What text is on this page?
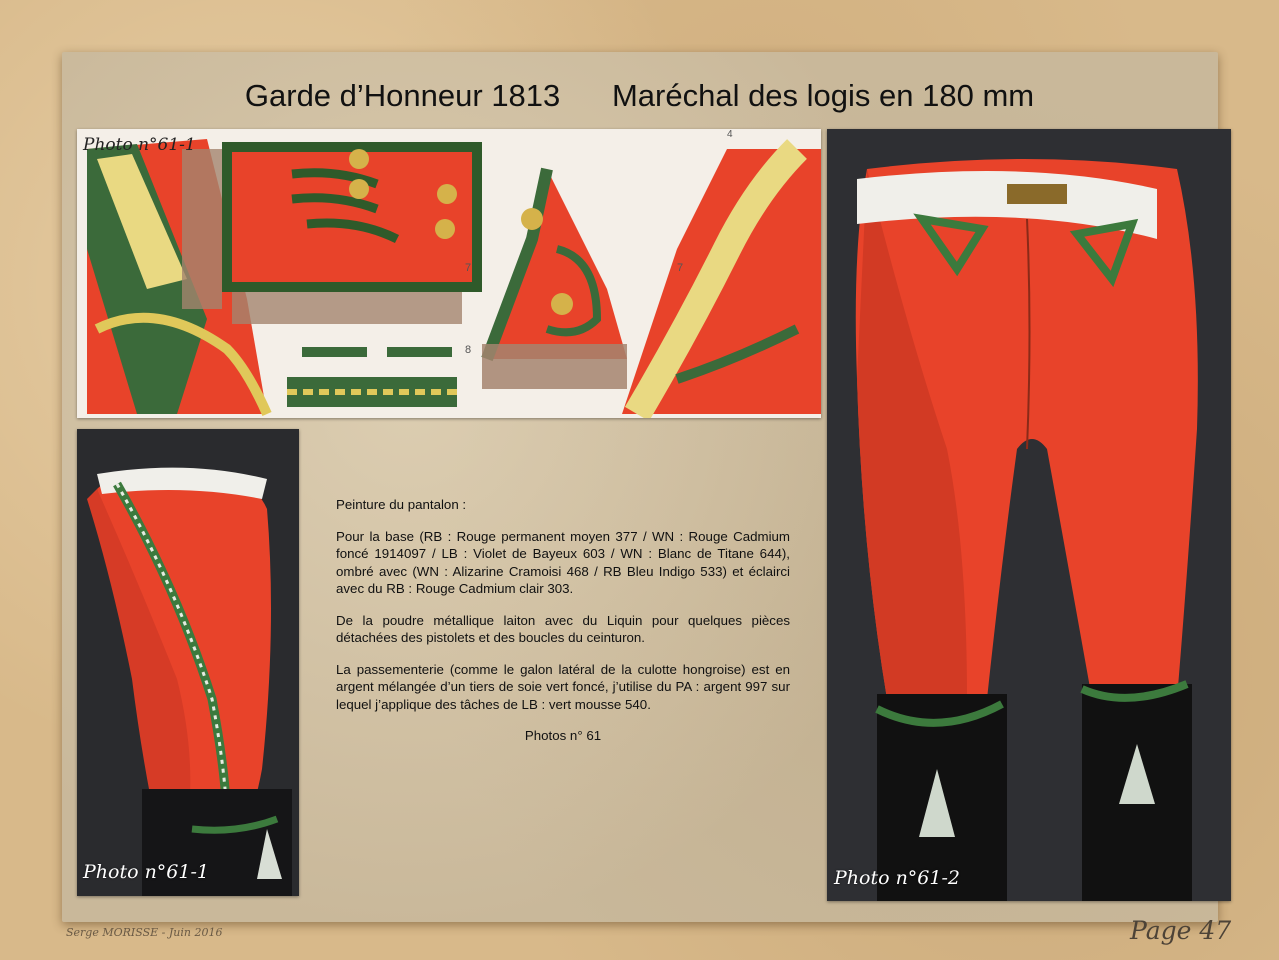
Garde d’Honneur 1813      Maréchal des logis en 180 mm
8
7	7
4
Photo n°61-1
Photo n°61-1	Photo n°61-2

Peinture du pantalon :

Pour la base (RB : Rouge permanent moyen 377 / WN : Rouge Cadmium foncé 1914097 / LB : Violet de Bayeux 603 / WN : Blanc de Titane 644), ombré avec (WN : Alizarine Cramoisi 468 / RB Bleu Indigo 533) et éclairci avec du RB : Rouge Cadmium clair 303.

De la poudre métallique laiton avec du Liquin pour quelques pièces détachées des pistolets et des boucles du ceinturon.

La passementerie (comme le galon latéral de la culotte hongroise) est en argent mélangée d’un tiers de soie vert foncé, j’utilise du PA : argent 997 sur lequel j’applique des tâches de LB : vert mousse 540.

Photos n° 61

Serge MORISSE - Juin 2016	Page 47
